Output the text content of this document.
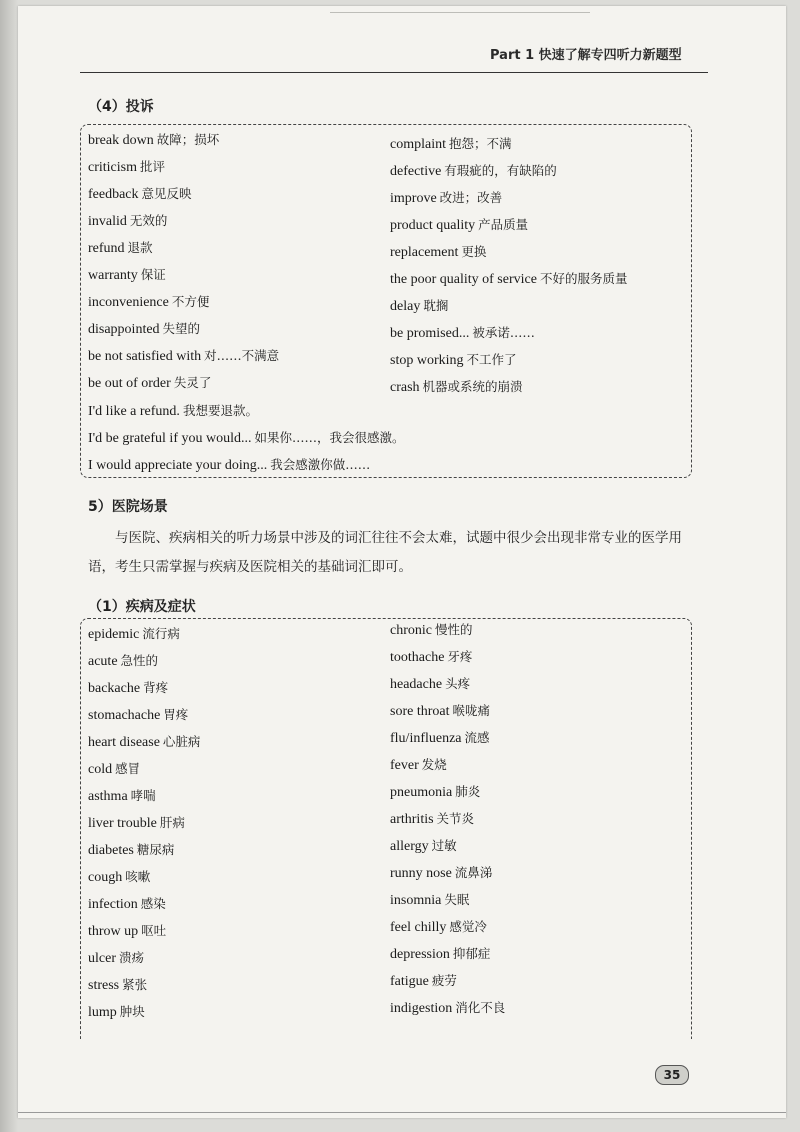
Part 1 快速了解专四听力新题型
（4）投诉
break down 故障；损坏
criticism 批评
feedback 意见反映
invalid 无效的
refund 退款
warranty 保证
inconvenience 不方便
disappointed 失望的
be not satisfied with 对……不满意
be out of order 失灵了
complaint 抱怨；不满
defective 有瑕疵的，有缺陷的
improve 改进；改善
product quality 产品质量
replacement 更换
the poor quality of service 不好的服务质量
delay 耽搁
be promised... 被承诺……
stop working 不工作了
crash 机器或系统的崩溃
I'd like a refund. 我想要退款。
I'd be grateful if you would... 如果你……，我会很感激。
I would appreciate your doing... 我会感激你做……
5）医院场景

与医院、疾病相关的听力场景中涉及的词汇往往不会太难，试题中很少会出现非常专业的医学用语，考生只需掌握与疾病及医院相关的基础词汇即可。

（1）疾病及症状
epidemic 流行病
acute 急性的
backache 背疼
stomachache 胃疼
heart disease 心脏病
cold 感冒
asthma 哮喘
liver trouble 肝病
diabetes 糖尿病
cough 咳嗽
infection 感染
throw up 呕吐
ulcer 溃疡
stress 紧张
lump 肿块
chronic 慢性的
toothache 牙疼
headache 头疼
sore throat 喉咙痛
flu/influenza 流感
fever 发烧
pneumonia 肺炎
arthritis 关节炎
allergy 过敏
runny nose 流鼻涕
insomnia 失眠
feel chilly 感觉冷
depression 抑郁症
fatigue 疲劳
indigestion 消化不良
35
